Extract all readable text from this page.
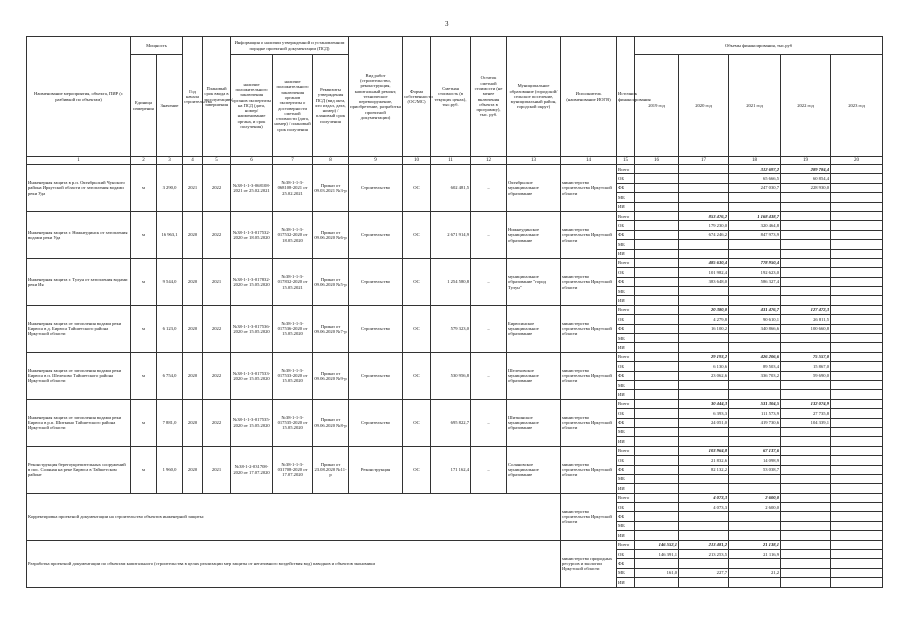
3
Наименование мероприятия, объекта, ПИР (с разбивкой по объектам)	Мощность		Год начала строительства	Плановый срок ввода в эксплуатацию/завершения	Информация о наличии утвержденной и установленном порядке проектной документации (ПСД)			Вид работ (строительство, реконструкция, капитальный ремонт, техническое перевооружение, приобретение, разработка проектной документации)	Форма собственности (ОС/МС)	Сметная стоимость (в текущих ценах), тыс.руб.	Остаток сметной стоимости (не менее включения объекта в программу), тыс. руб.	Муниципальное образование (городской/сельское поселение, муниципальный район, городской округ)	Исполнитель (наименование ИОГВ)	Источник финансирования	Объемы финансирования, тыс.руб				
	Единица измерения	Значение			наличие положительного заключения органов экспертизы на ПСД (дата, номер/наименование органа, и срок получения)	наличие положительного заключения органов экспертизы о достоверности сметной стоимости (дата, номер) / плановый срок получения	Реквизиты утверждения ПСД (вид акта, кто издал, дата, номер) / плановый срок получения								2019 год	2020 год	2021 год	2022 год	2023 год
1	2	3	4	5	6	7	8	9	10	11	12	13	14	15	16	17	18	19	20
Инженерная защита в р.п. Октябрьский Чунского района Иркутской области от затопления водами реки Уда	м	3 290,0	2021	2022	№38-1-1-3-068108-2021 от 25.02.2021	№38-1-1-3-068108-2021 от 25.02.2021	Приказ от 09.03.2021 №3-р	Строительство	ОС	602 481,5	–	Октябрьское муниципальное образование	министерство строительства Иркутской области	Всего			312 697,2	289 784,4	
														ОБ			65 666,5	60 854,4	
														ФБ			247 030,7	228 930,0	
														МБ					
														ИИ					
Инженерная защита г. Нижнеудинск от затопления водами реки Уда	м	16 963,1	2020	2022	№38-1-1-3-017532-2020 от 18.05.2020	№38-1-1-3-017532-2020 от 18.05.2020	Приказ от 09.06.2020 №6-р	Строительство	ОС	2 671 914,9	–	Нижнеудинское муниципальное образование	министерство строительства Иркутской области	Всего		853 476,2	1 168 438,7		
														ОБ		179 230,0	320 464,8		
														ФБ		674 246,2	847 973,9		
														МБ					
														ИИ					
Инженерная защита г. Тулун от затопления водами реки Ия	м	9 544,0	2020	2021	№38-1-1-3-017832-2020 от 15.05.2020	№38-1-1-3-017832-2020 от 15.05.2021	Приказ от 09.06.2020 №5-р	Строительство	ОС	1 254 580,8	–	муниципальное образование "город Тулун"	министерство строительства Иркутской области	Всего		485 630,4	778 950,4		
														ОБ		101 982,4	192 623,0		
														ФБ		383 648,0	586 327,4		
														МБ					
														ИИ					
Инженерная защита от затопления водами реки Бирюса в д. Бирюса Тайшетского района Иркутской области	м	6 123,0	2020	2022	№38-1-1-3-017536-2020 от 15.05.2020	№38-1-1-3-017536-2020 от 15.05.2020	Приказ от 09.06.2020 №7-р	Строительство	ОС	579 323,0	–	Бирюсинское муниципальное образование	министерство строительства Иркутской области	Всего		20 380,0	431 476,7	127 472,3	
														ОБ		4 279,8	90 610,1	26 811,5	
														ФБ		16 100,2	340 866,6	100 660,8	
														МБ					
														ИИ					
Инженерная защита от затопления водами реки Бирюса в п. Шелехово Тайшетского района Иркутской области	м	6 754,0	2020	2022	№38-1-1-3-017533-2020 от 15.05.2020	№38-1-1-3-017533-2020 от 15.05.2020	Приказ от 09.06.2020 №9-р	Строительство	ОС	530 956,8	–	Шелеховское муниципальное образование	министерство строительства Иркутской области	Всего		29 193,2	426 206,6	75 557,0	
														ОБ		6 130,6	89 503,4	15 867,0	
														ФБ		23 062,6	336 703,2	59 690,0	
														МБ					
														ИИ					
Инженерная защита от затопления водами реки Бирюса в р.п. Шиткино Тайшетского района Иркутской области	м	7 881,0	2020	2022	№38-1-1-3-017535-2020 от 15.05.2020	№38-1-1-3-017535-2020 от 15.05.2020	Приказ от 09.06.2020 №8-р	Строительство	ОС	695 822,7	–	Шиткинское муниципальное образование	министерство строительства Иркутской области	Всего		30 444,3	531 304,5	132 074,9	
														ОБ		6 393,3	111 573,9	27 735,8	
														ФБ		24 051,0	419 730,6	104 339,1	
														МБ					
														ИИ					
Реконструкция берегоукрепительных сооружений в пос. Соляная на реке Бирюса в Тайшетском районе	м	1 960,0	2020	2021	№38-1-2-031708-2020 от 17.07.2020	№38-1-1-3-031708-2020 от 17.07.2020	Приказ от 23.08.2020 №11-р	Реконструкция	ОС	171 162,4	–	Соляновское муниципальное образование	министерство строительства Иркутской области	Всего		103 964,8	67 137,6		
														ОБ		21 832,6	14 098,9		
														ФБ		82 132,2	53 038,7		
														МБ					
														ИИ					
Корректировка проектной документации на строительство объектов инженерной защиты:													министерство строительства Иркутской области	Всего		4 073,3	2 600,0		
														ОБ		4 073,3	2 600,0		
														ФБ					
														МБ					
														ИИ					
Разработка проектной документации по объектам капитального (строительства в целях реализации мер защиты от негативного воздействия вод) паводков и объектов экономики													министерство природных ресурсов и экологии Иркутской области	Всего	146 552,1	213 481,2	21 138,1		
														ОБ	146 391,1	213 253,5	21 116,9		
														ФБ					
														МБ	161,0	227,7	21,2		
														ИИ					
